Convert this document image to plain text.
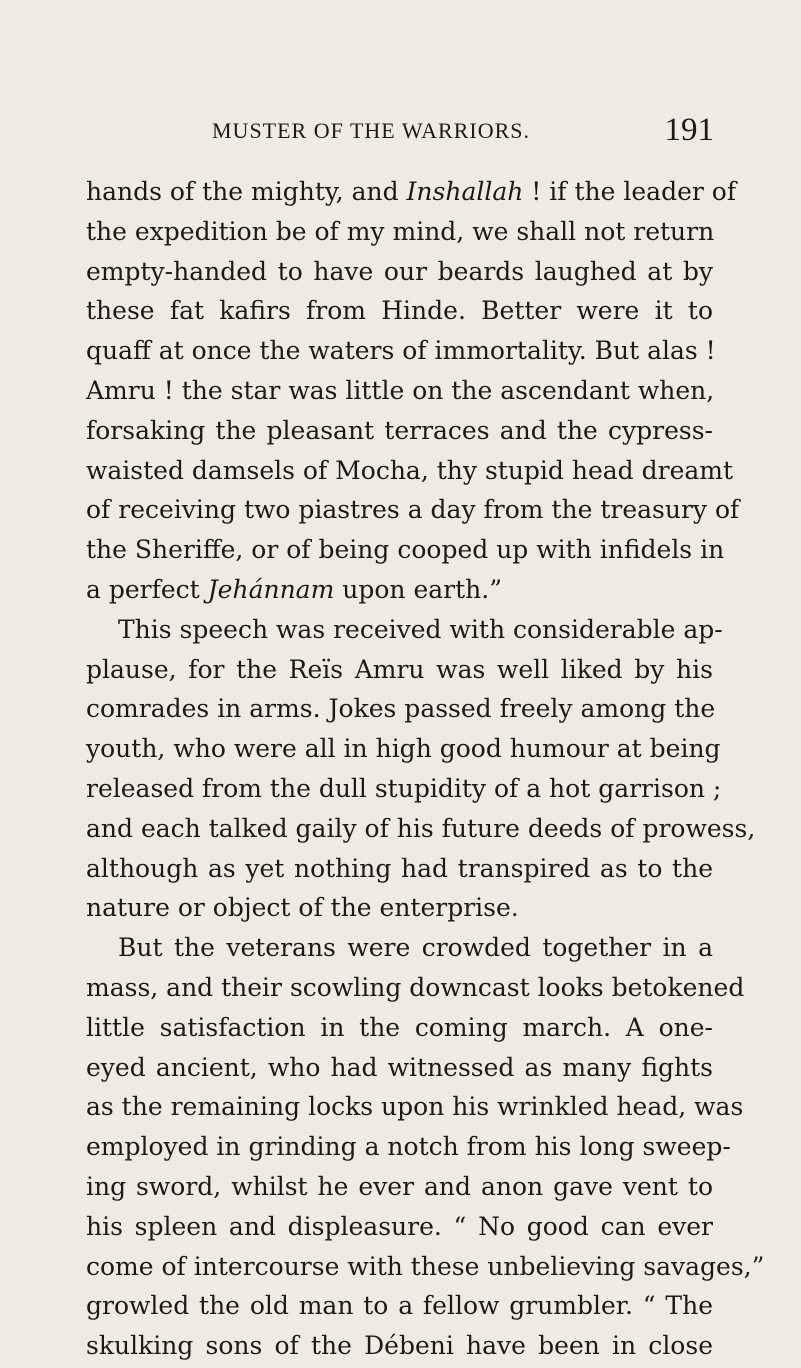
MUSTER OF THE WARRIORS.	191
hands of the mighty, and Inshallah ! if the leader of
the expedition be of my mind, we shall not return
empty-handed to have our beards laughed at by
these fat kafirs from Hinde. Better were it to
quaff at once the waters of immortality. But alas !
Amru ! the star was little on the ascendant when,
forsaking the pleasant terraces and the cypress-
waisted damsels of Mocha, thy stupid head dreamt
of receiving two piastres a day from the treasury of
the Sheriffe, or of being cooped up with infidels in
a perfect Jehánnam upon earth.”
This speech was received with considerable ap-
plause, for the Reïs Amru was well liked by his
comrades in arms. Jokes passed freely among the
youth, who were all in high good humour at being
released from the dull stupidity of a hot garrison ;
and each talked gaily of his future deeds of prowess,
although as yet nothing had transpired as to the
nature or object of the enterprise.
But the veterans were crowded together in a
mass, and their scowling downcast looks betokened
little satisfaction in the coming march. A one-
eyed ancient, who had witnessed as many fights
as the remaining locks upon his wrinkled head, was
employed in grinding a notch from his long sweep-
ing sword, whilst he ever and anon gave vent to
his spleen and displeasure. “ No good can ever
come of intercourse with these unbelieving savages,”
growled the old man to a fellow grumbler. “ The
skulking sons of the Débeni have been in close
